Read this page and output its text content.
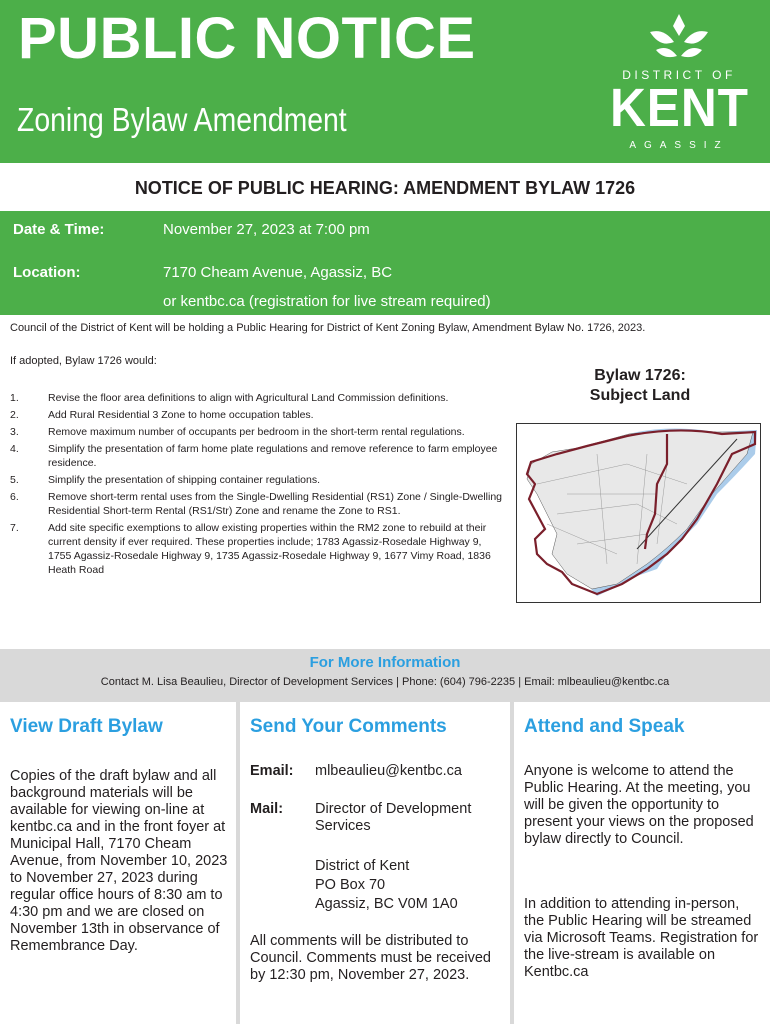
PUBLIC NOTICE
Zoning Bylaw Amendment
DISTRICT OF
KENT
AGASSIZ
NOTICE OF PUBLIC HEARING: AMENDMENT BYLAW 1726
Date & Time:	November 27, 2023 at 7:00 pm
Location:	7170 Cheam Avenue, Agassiz, BC
or kentbc.ca (registration for live stream required)
Council of the District of Kent will be holding a Public Hearing for District of Kent Zoning Bylaw, Amendment Bylaw No. 1726, 2023.
If adopted, Bylaw 1726 would:
1.	Revise the floor area definitions to align with Agricultural Land Commission definitions.
2.	Add Rural Residential 3 Zone to home occupation tables.
3.	Remove maximum number of occupants per bedroom in the short-term rental regulations.
4.	Simplify the presentation of farm home plate regulations and remove reference to farm employee residence.
5.	Simplify the presentation of shipping container regulations.
6.	Remove short-term rental uses from the Single-Dwelling Residential (RS1) Zone / Single-Dwelling Residential Short-term Rental (RS1/Str) Zone and rename the Zone to RS1.
7.	Add site specific exemptions to allow existing properties within the RM2 zone to rebuild at their current density if ever required. These properties include; 1783 Agassiz-Rosedale Highway 9, 1755 Agassiz-Rosedale Highway 9, 1735 Agassiz-Rosedale Highway 9, 1677 Vimy Road, 1836 Heath Road
Bylaw 1726:
Subject Land
For More Information
Contact M. Lisa Beaulieu, Director of Development Services | Phone: (604) 796-2235 | Email: mlbeaulieu@kentbc.ca
View Draft Bylaw

Copies of the draft bylaw and all background materials will be available for viewing on-line at kentbc.ca and in the front foyer at Municipal Hall, 7170 Cheam Avenue, from November 10, 2023 to November 27, 2023 during regular office hours of 8:30 am to 4:30 pm and we are closed on November 13th in observance of Remembrance Day.

Send Your Comments

Email: mlbeaulieu@kentbc.ca

Mail: Director of Development Services

District of Kent

PO Box 70

Agassiz, BC V0M 1A0

All comments will be distributed to Council. Comments must be received by 12:30 pm, November 27, 2023.

Attend and Speak

Anyone is welcome to attend the Public Hearing. At the meeting, you will be given the opportunity to present your views on the proposed bylaw directly to Council.

In addition to attending in-person, the Public Hearing will be streamed via Microsoft Teams. Registration for the live-stream is available on Kentbc.ca
